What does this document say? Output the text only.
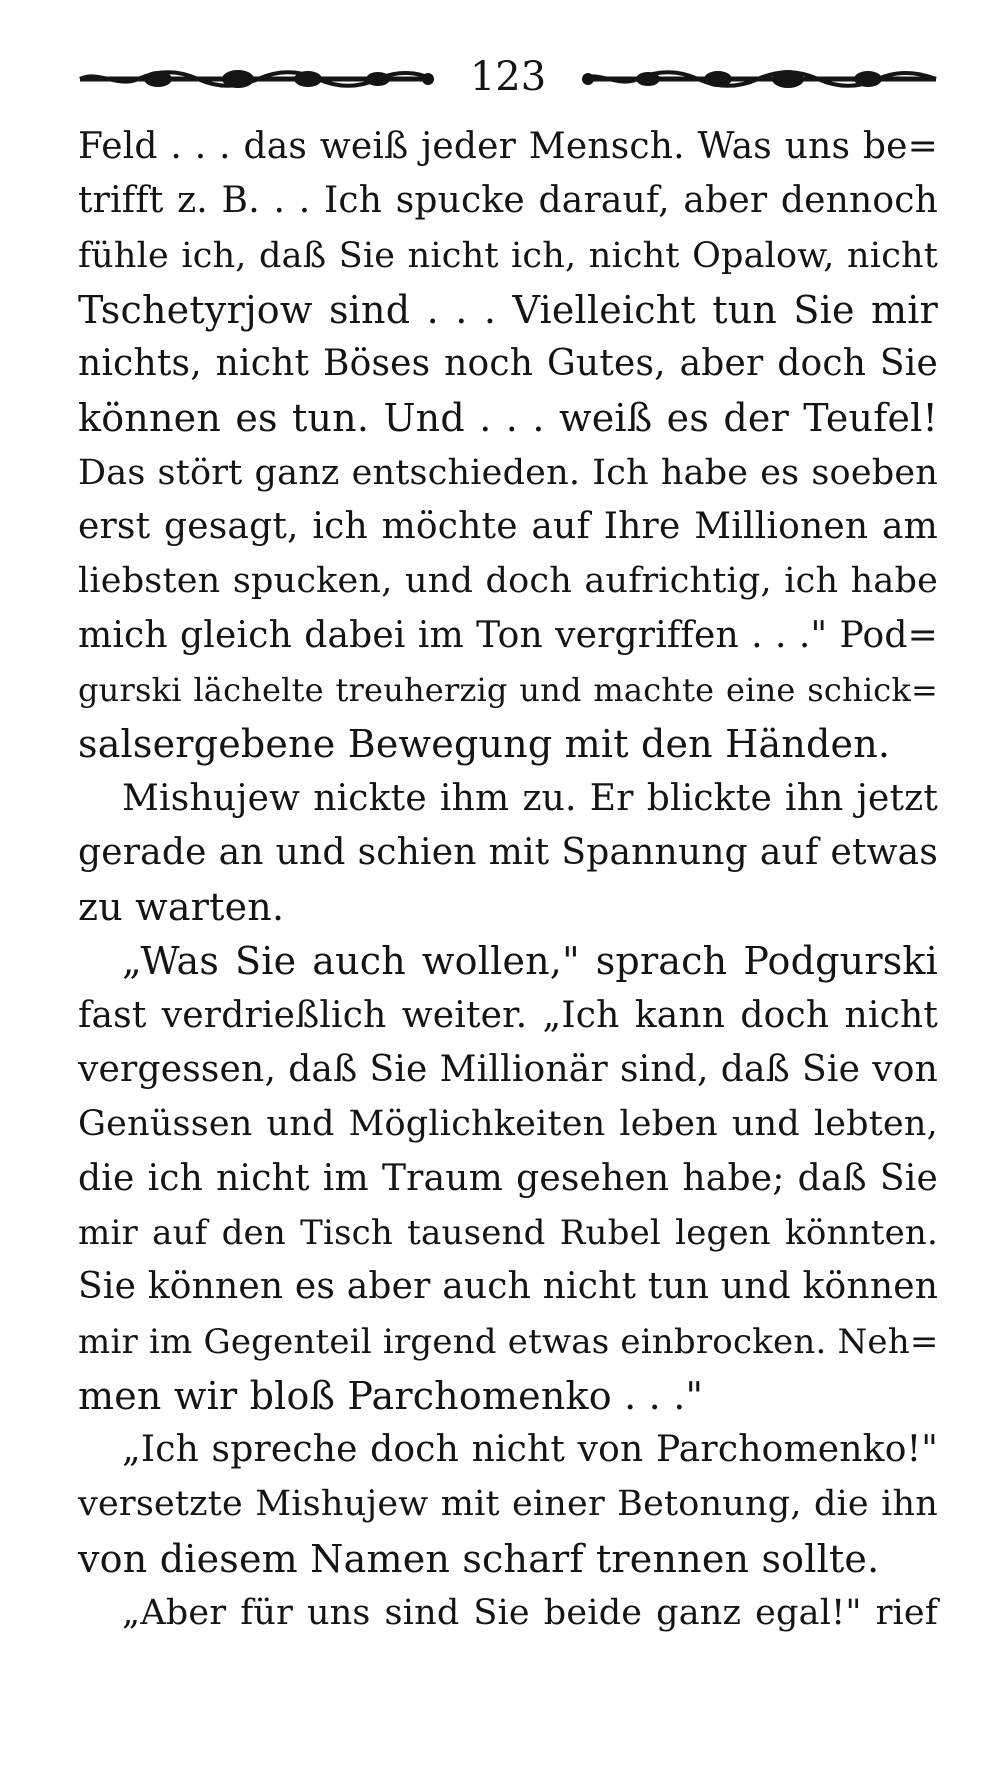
123
Feld . . . das weiß jeder Mensch. Was uns be=
trifft z. B. . . Ich spucke darauf, aber dennoch
fühle ich, daß Sie nicht ich, nicht Opalow, nicht
Tschetyrjow sind . . . Vielleicht tun Sie mir
nichts, nicht Böses noch Gutes, aber doch Sie
können es tun. Und . . . weiß es der Teufel!
Das stört ganz entschieden. Ich habe es soeben
erst gesagt, ich möchte auf Ihre Millionen am
liebsten spucken, und doch aufrichtig, ich habe
mich gleich dabei im Ton vergriffen . . ." Pod=
gurski lächelte treuherzig und machte eine schick=
salsergebene Bewegung mit den Händen.
Mishujew nickte ihm zu. Er blickte ihn jetzt
gerade an und schien mit Spannung auf etwas
zu warten.
„Was Sie auch wollen," sprach Podgurski
fast verdrießlich weiter. „Ich kann doch nicht
vergessen, daß Sie Millionär sind, daß Sie von
Genüssen und Möglichkeiten leben und lebten,
die ich nicht im Traum gesehen habe; daß Sie
mir auf den Tisch tausend Rubel legen könnten.
Sie können es aber auch nicht tun und können
mir im Gegenteil irgend etwas einbrocken. Neh=
men wir bloß Parchomenko . . ."
„Ich spreche doch nicht von Parchomenko!"
versetzte Mishujew mit einer Betonung, die ihn
von diesem Namen scharf trennen sollte.
„Aber für uns sind Sie beide ganz egal!" rief
